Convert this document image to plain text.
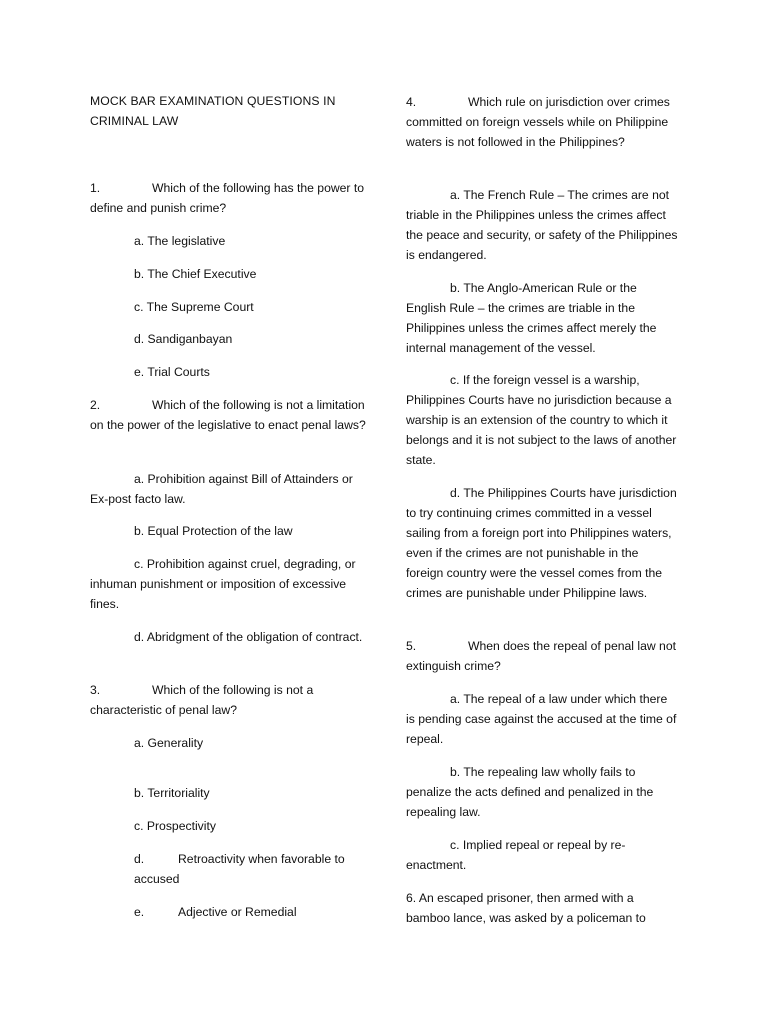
MOCK BAR EXAMINATION QUESTIONS IN CRIMINAL LAW

1.	Which of the following has the power to define and punish crime?

a. The legislative

b. The Chief Executive

c. The Supreme Court

d. Sandiganbayan

e. Trial Courts

2.	Which of the following is not a limitation on the power of the legislative to enact penal laws?

a. Prohibition against Bill of Attainders or Ex-post facto law.

b. Equal Protection of the law

c. Prohibition against cruel, degrading, or inhuman punishment or imposition of excessive fines.

d. Abridgment of the obligation of contract.

3.	Which of the following is not a characteristic of penal law?

a. Generality

b. Territoriality

c. Prospectivity

d.	Retroactivity when favorable to accused

e.	Adjective or Remedial

4.	Which rule on jurisdiction over crimes committed on foreign vessels while on Philippine waters is not followed in the Philippines?

a. The French Rule – The crimes are not triable in the Philippines unless the crimes affect the peace and security, or safety of the Philippines is endangered.

b. The Anglo-American Rule or the English Rule – the crimes are triable in the Philippines unless the crimes affect merely the internal management of the vessel.

c. If the foreign vessel is a warship, Philippines Courts have no jurisdiction because a warship is an extension of the country to which it belongs and it is not subject to the laws of another state.

d. The Philippines Courts have jurisdiction to try continuing crimes committed in a vessel sailing from a foreign port into Philippines waters, even if the crimes are not punishable in the foreign country were the vessel comes from the crimes are punishable under Philippine laws.

5.	When does the repeal of penal law not extinguish crime?

a. The repeal of a law under which there is pending case against the accused at the time of repeal.

b. The repealing law wholly fails to penalize the acts defined and penalized in the repealing law.

c. Implied repeal or repeal by re-enactment.

6. An escaped prisoner, then armed with a bamboo lance, was asked by a policeman to
